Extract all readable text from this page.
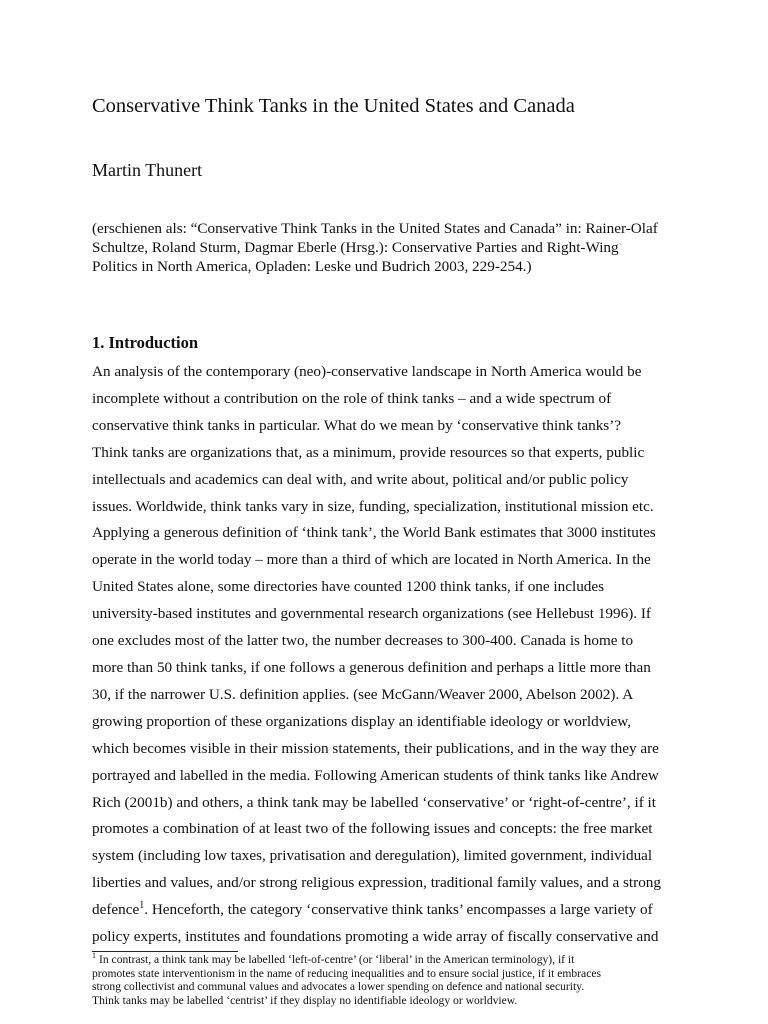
Conservative Think Tanks in the United States and Canada
Martin Thunert
(erschienen als: “Conservative Think Tanks in the United States and Canada” in: Rainer-Olaf
Schultze, Roland Sturm, Dagmar Eberle (Hrsg.): Conservative Parties and Right-Wing
Politics in North America, Opladen: Leske und Budrich 2003, 229-254.)
1. Introduction
An analysis of the contemporary (neo)-conservative landscape in North America would be
incomplete without a contribution on the role of think tanks – and a wide spectrum of
conservative think tanks in particular. What do we mean by ‘conservative think tanks’?
Think tanks are organizations that, as a minimum, provide resources so that experts, public
intellectuals and academics can deal with, and write about, political and/or public policy
issues. Worldwide, think tanks vary in size, funding, specialization, institutional mission etc.
Applying a generous definition of ‘think tank’, the World Bank estimates that 3000 institutes
operate in the world today – more than a third of which are located in North America. In the
United States alone, some directories have counted 1200 think tanks, if one includes
university-based institutes and governmental research organizations (see Hellebust 1996). If
one excludes most of the latter two, the number decreases to 300-400. Canada is home to
more than 50 think tanks, if one follows a generous definition and perhaps a little more than
30, if the narrower U.S. definition applies. (see McGann/Weaver 2000, Abelson 2002). A
growing proportion of these organizations display an identifiable ideology or worldview,
which becomes visible in their mission statements, their publications, and in the way they are
portrayed and labelled in the media. Following American students of think tanks like Andrew
Rich (2001b) and others, a think tank may be labelled ‘conservative’ or ‘right-of-centre’, if it
promotes a combination of at least two of the following issues and concepts: the free market
system (including low taxes, privatisation and deregulation), limited government, individual
liberties and values, and/or strong religious expression, traditional family values, and a strong
defence$^1$. Henceforth, the category ‘conservative think tanks’ encompasses a large variety of
policy experts, institutes and foundations promoting a wide array of fiscally conservative and
$^1$ In contrast, a think tank may be labelled ‘left-of-centre’ (or ‘liberal’ in the American terminology), if it
promotes state interventionism in the name of reducing inequalities and to ensure social justice, if it embraces
strong collectivist and communal values and advocates a lower spending on defence and national security.
Think tanks may be labelled ‘centrist’ if they display no identifiable ideology or worldview.
